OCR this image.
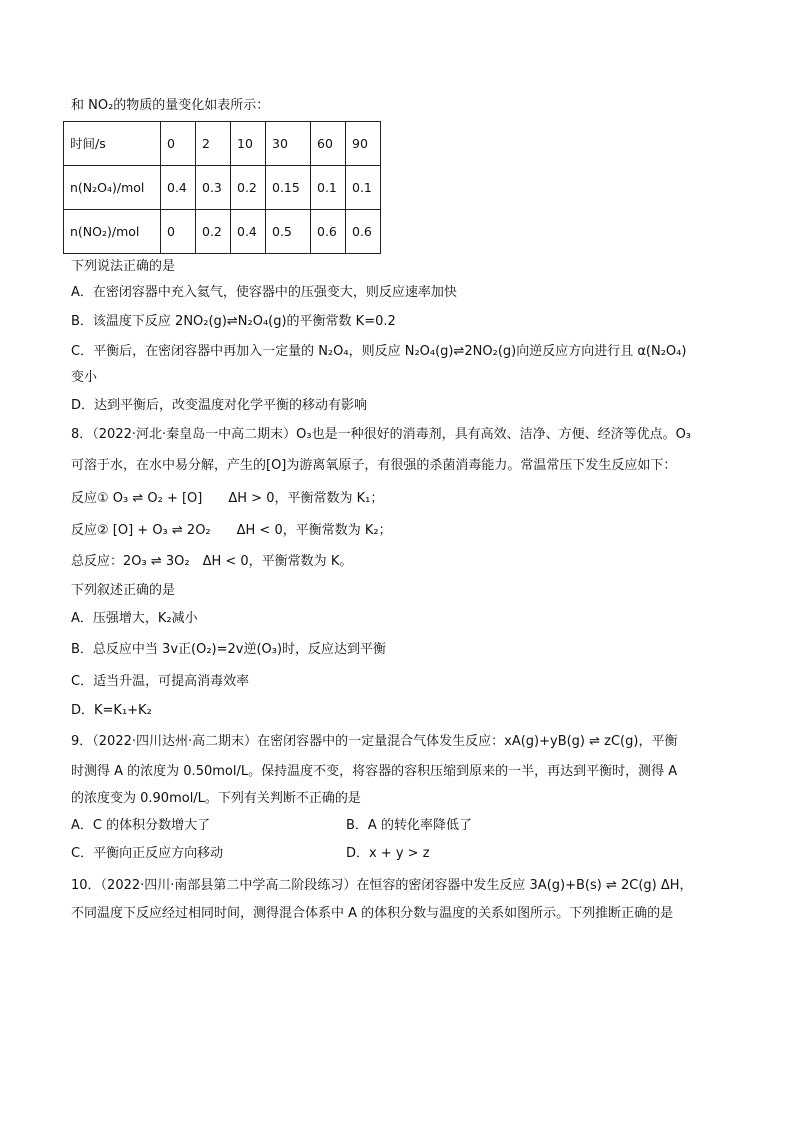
和 NO₂的物质的量变化如表所示：
时间/s	0	2	10	30	60	90
n(N₂O₄)/mol	0.4	0.3	0.2	0.15	0.1	0.1
n(NO₂)/mol	0	0.2	0.4	0.5	0.6	0.6
下列说法正确的是
A．在密闭容器中充入氦气，使容器中的压强变大，则反应速率加快
B．该温度下反应 2NO₂(g)⇌N₂O₄(g)的平衡常数 K=0.2
C．平衡后，在密闭容器中再加入一定量的 N₂O₄，则反应 N₂O₄(g)⇌2NO₂(g)向逆反应方向进行且 α(N₂O₄)
变小
D．达到平衡后，改变温度对化学平衡的移动有影响
8．（2022·河北·秦皇岛一中高二期末）O₃也是一种很好的消毒剂，具有高效、洁净、方便、经济等优点。O₃
可溶于水，在水中易分解，产生的[O]为游离氧原子，有很强的杀菌消毒能力。常温常压下发生反应如下：
反应① O₃ ⇌ O₂ + [O]　　ΔH > 0，平衡常数为 K₁；
反应② [O] + O₃ ⇌ 2O₂　　ΔH < 0，平衡常数为 K₂；
总反应：2O₃ ⇌ 3O₂　ΔH < 0，平衡常数为 K。
下列叙述正确的是
A．压强增大，K₂减小
B．总反应中当 3v正(O₂)=2v逆(O₃)时，反应达到平衡
C．适当升温，可提高消毒效率
D．K=K₁+K₂
9．（2022·四川达州·高二期末）在密闭容器中的一定量混合气体发生反应：xA(g)+yB(g) ⇌ zC(g)，平衡
时测得 A 的浓度为 0.50mol/L。保持温度不变，将容器的容积压缩到原来的一半，再达到平衡时，测得 A
的浓度变为 0.90mol/L。下列有关判断不正确的是
A．C 的体积分数增大了	B．A 的转化率降低了
C．平衡向正反应方向移动	D．x + y > z
10．（2022·四川·南部县第二中学高二阶段练习）在恒容的密闭容器中发生反应 3A(g)+B(s) ⇌ 2C(g) ΔH，
不同温度下反应经过相同时间，测得混合体系中 A 的体积分数与温度的关系如图所示。下列推断正确的是
